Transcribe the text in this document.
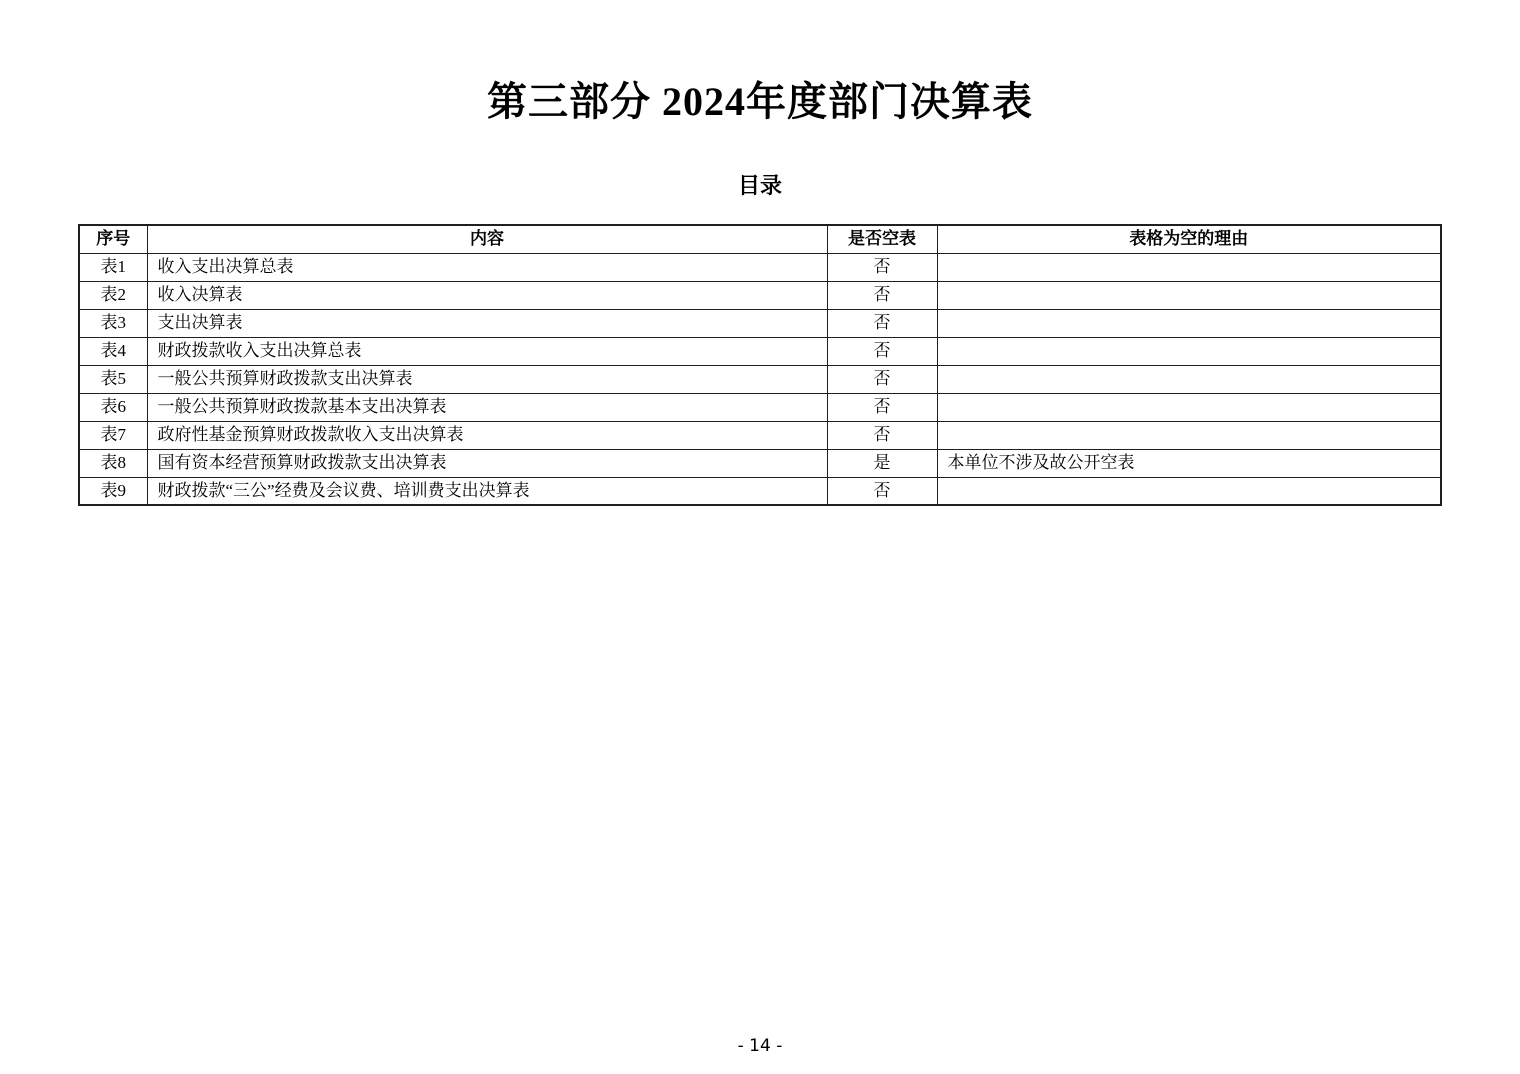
第三部分 2024年度部门决算表
目录
序号	内容	是否空表	表格为空的理由
表1	收入支出决算总表	否	
表2	收入决算表	否	
表3	支出决算表	否	
表4	财政拨款收入支出决算总表	否	
表5	一般公共预算财政拨款支出决算表	否	
表6	一般公共预算财政拨款基本支出决算表	否	
表7	政府性基金预算财政拨款收入支出决算表	否	
表8	国有资本经营预算财政拨款支出决算表	是	本单位不涉及故公开空表
表9	财政拨款“三公”经费及会议费、培训费支出决算表	否	
- 14 -
